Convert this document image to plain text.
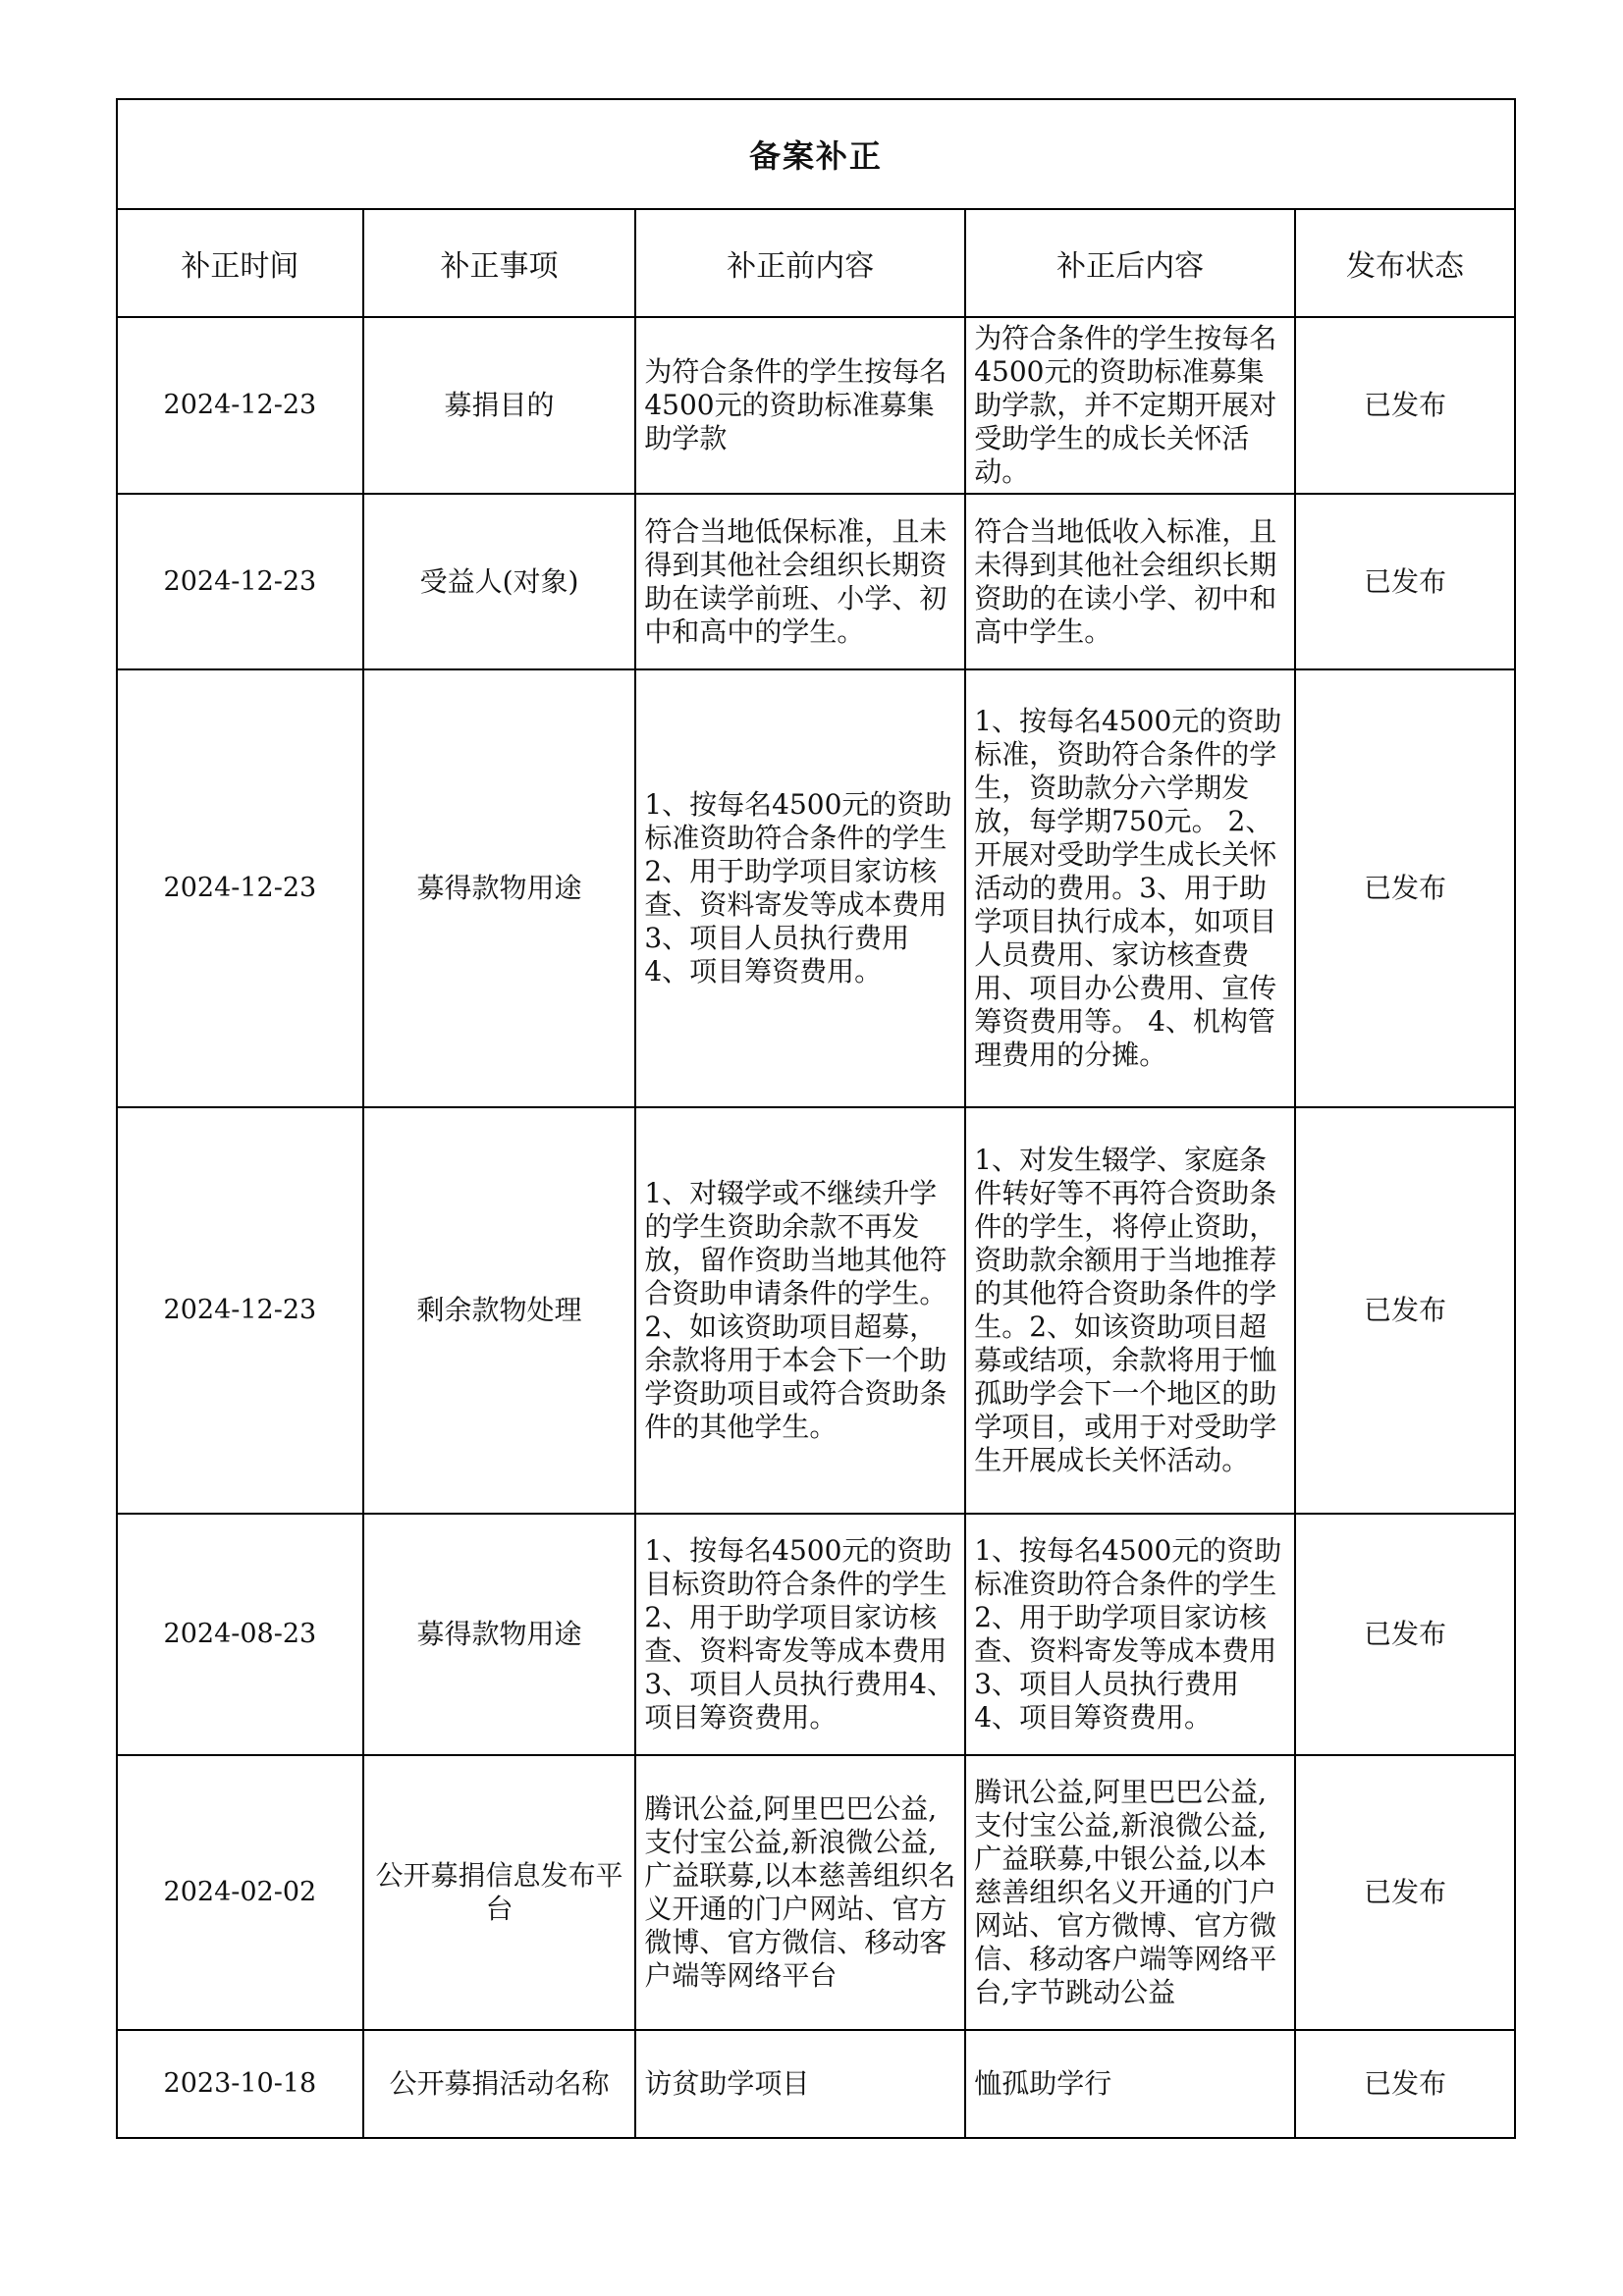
备案补正				
补正时间	补正事项	补正前内容	补正后内容	发布状态
2024-12-23	募捐目的	为符合条件的学生按每名4500元的资助标准募集助学款	为符合条件的学生按每名4500元的资助标准募集助学款，并不定期开展对受助学生的成长关怀活动。	已发布
2024-12-23	受益人(对象)	符合当地低保标准，且未得到其他社会组织长期资助在读学前班、小学、初中和高中的学生。	符合当地低收入标准，且未得到其他社会组织长期资助的在读小学、初中和高中学生。	已发布
2024-12-23	募得款物用途	1、按每名4500元的资助标准资助符合条件的学生 2、用于助学项目家访核查、资料寄发等成本费用 3、项目人员执行费用 4、项目筹资费用。	1、按每名4500元的资助标准，资助符合条件的学生，资助款分六学期发放，每学期750元。 2、开展对受助学生成长关怀活动的费用。3、用于助学项目执行成本，如项目人员费用、家访核查费用、项目办公费用、宣传筹资费用等。 4、机构管理费用的分摊。	已发布
2024-12-23	剩余款物处理	1、对辍学或不继续升学的学生资助余款不再发放，留作资助当地其他符合资助申请条件的学生。2、如该资助项目超募，余款将用于本会下一个助学资助项目或符合资助条件的其他学生。	1、对发生辍学、家庭条件转好等不再符合资助条件的学生，将停止资助，资助款余额用于当地推荐的其他符合资助条件的学生。2、如该资助项目超募或结项，余款将用于恤孤助学会下一个地区的助学项目，或用于对受助学生开展成长关怀活动。	已发布
2024-08-23	募得款物用途	1、按每名4500元的资助目标资助符合条件的学生2、用于助学项目家访核查、资料寄发等成本费用3、项目人员执行费用4、项目筹资费用。	1、按每名4500元的资助标准资助符合条件的学生 2、用于助学项目家访核查、资料寄发等成本费用 3、项目人员执行费用 4、项目筹资费用。	已发布
2024-02-02	公开募捐信息发布平台	腾讯公益,阿里巴巴公益,支付宝公益,新浪微公益,广益联募,以本慈善组织名义开通的门户网站、官方微博、官方微信、移动客户端等网络平台	腾讯公益,阿里巴巴公益,支付宝公益,新浪微公益,广益联募,中银公益,以本慈善组织名义开通的门户网站、官方微博、官方微信、移动客户端等网络平台,字节跳动公益	已发布
2023-10-18	公开募捐活动名称	访贫助学项目	恤孤助学行	已发布
